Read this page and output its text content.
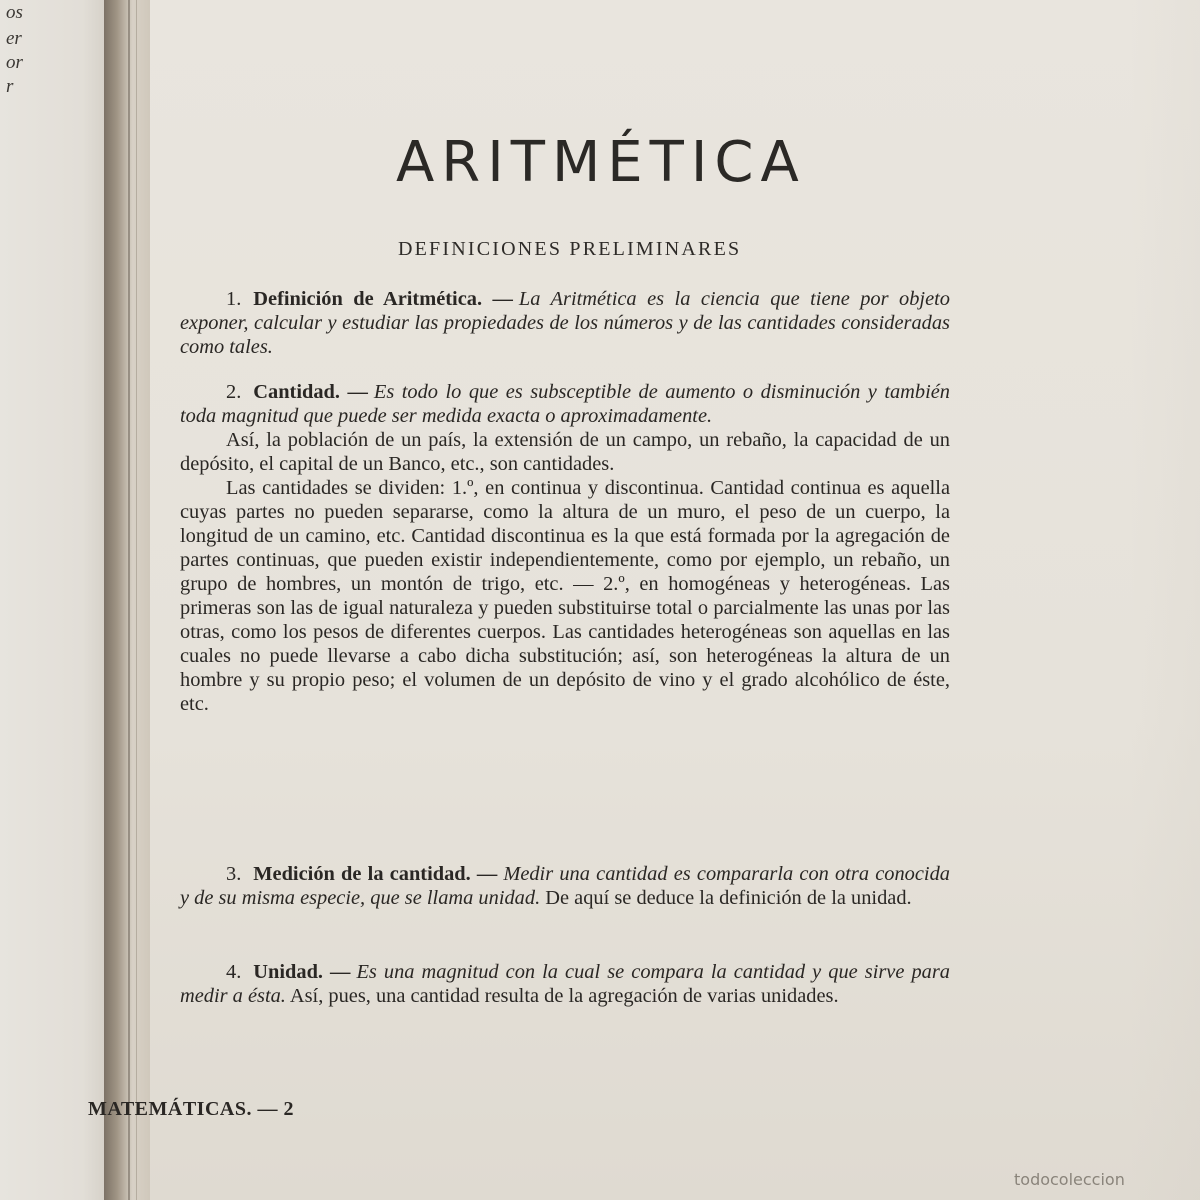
os
er
or
r
ARITMÉTICA
DEFINICIONES PRELIMINARES

1. Definición de Aritmética. — La Aritmética es la ciencia que tiene por objeto exponer, calcular y estudiar las propiedades de los números y de las cantidades consideradas como tales.

2. Cantidad. — Es todo lo que es subsceptible de aumento o disminución y también toda magnitud que puede ser medida exacta o aproximadamente.

Así, la población de un país, la extensión de un campo, un rebaño, la capacidad de un depósito, el capital de un Banco, etc., son cantidades.

Las cantidades se dividen: 1.º, en continua y discontinua. Cantidad continua es aquella cuyas partes no pueden separarse, como la altura de un muro, el peso de un cuerpo, la longitud de un camino, etc. Cantidad discontinua es la que está formada por la agregación de partes continuas, que pueden existir independientemente, como por ejemplo, un rebaño, un grupo de hombres, un montón de trigo, etc. — 2.º, en homogéneas y heterogéneas. Las primeras son las de igual naturaleza y pueden substituirse total o parcialmente las unas por las otras, como los pesos de diferentes cuerpos. Las cantidades heterogéneas son aquellas en las cuales no puede llevarse a cabo dicha substitución; así, son heterogéneas la altura de un hombre y su propio peso; el volumen de un depósito de vino y el grado alcohólico de éste, etc.

3. Medición de la cantidad. — Medir una cantidad es compararla con otra conocida y de su misma especie, que se llama unidad. De aquí se deduce la definición de la unidad.

4. Unidad. — Es una magnitud con la cual se compara la cantidad y que sirve para medir a ésta. Así, pues, una cantidad resulta de la agregación de varias unidades.

MATEMÁTICAS. — 2
todocoleccion
